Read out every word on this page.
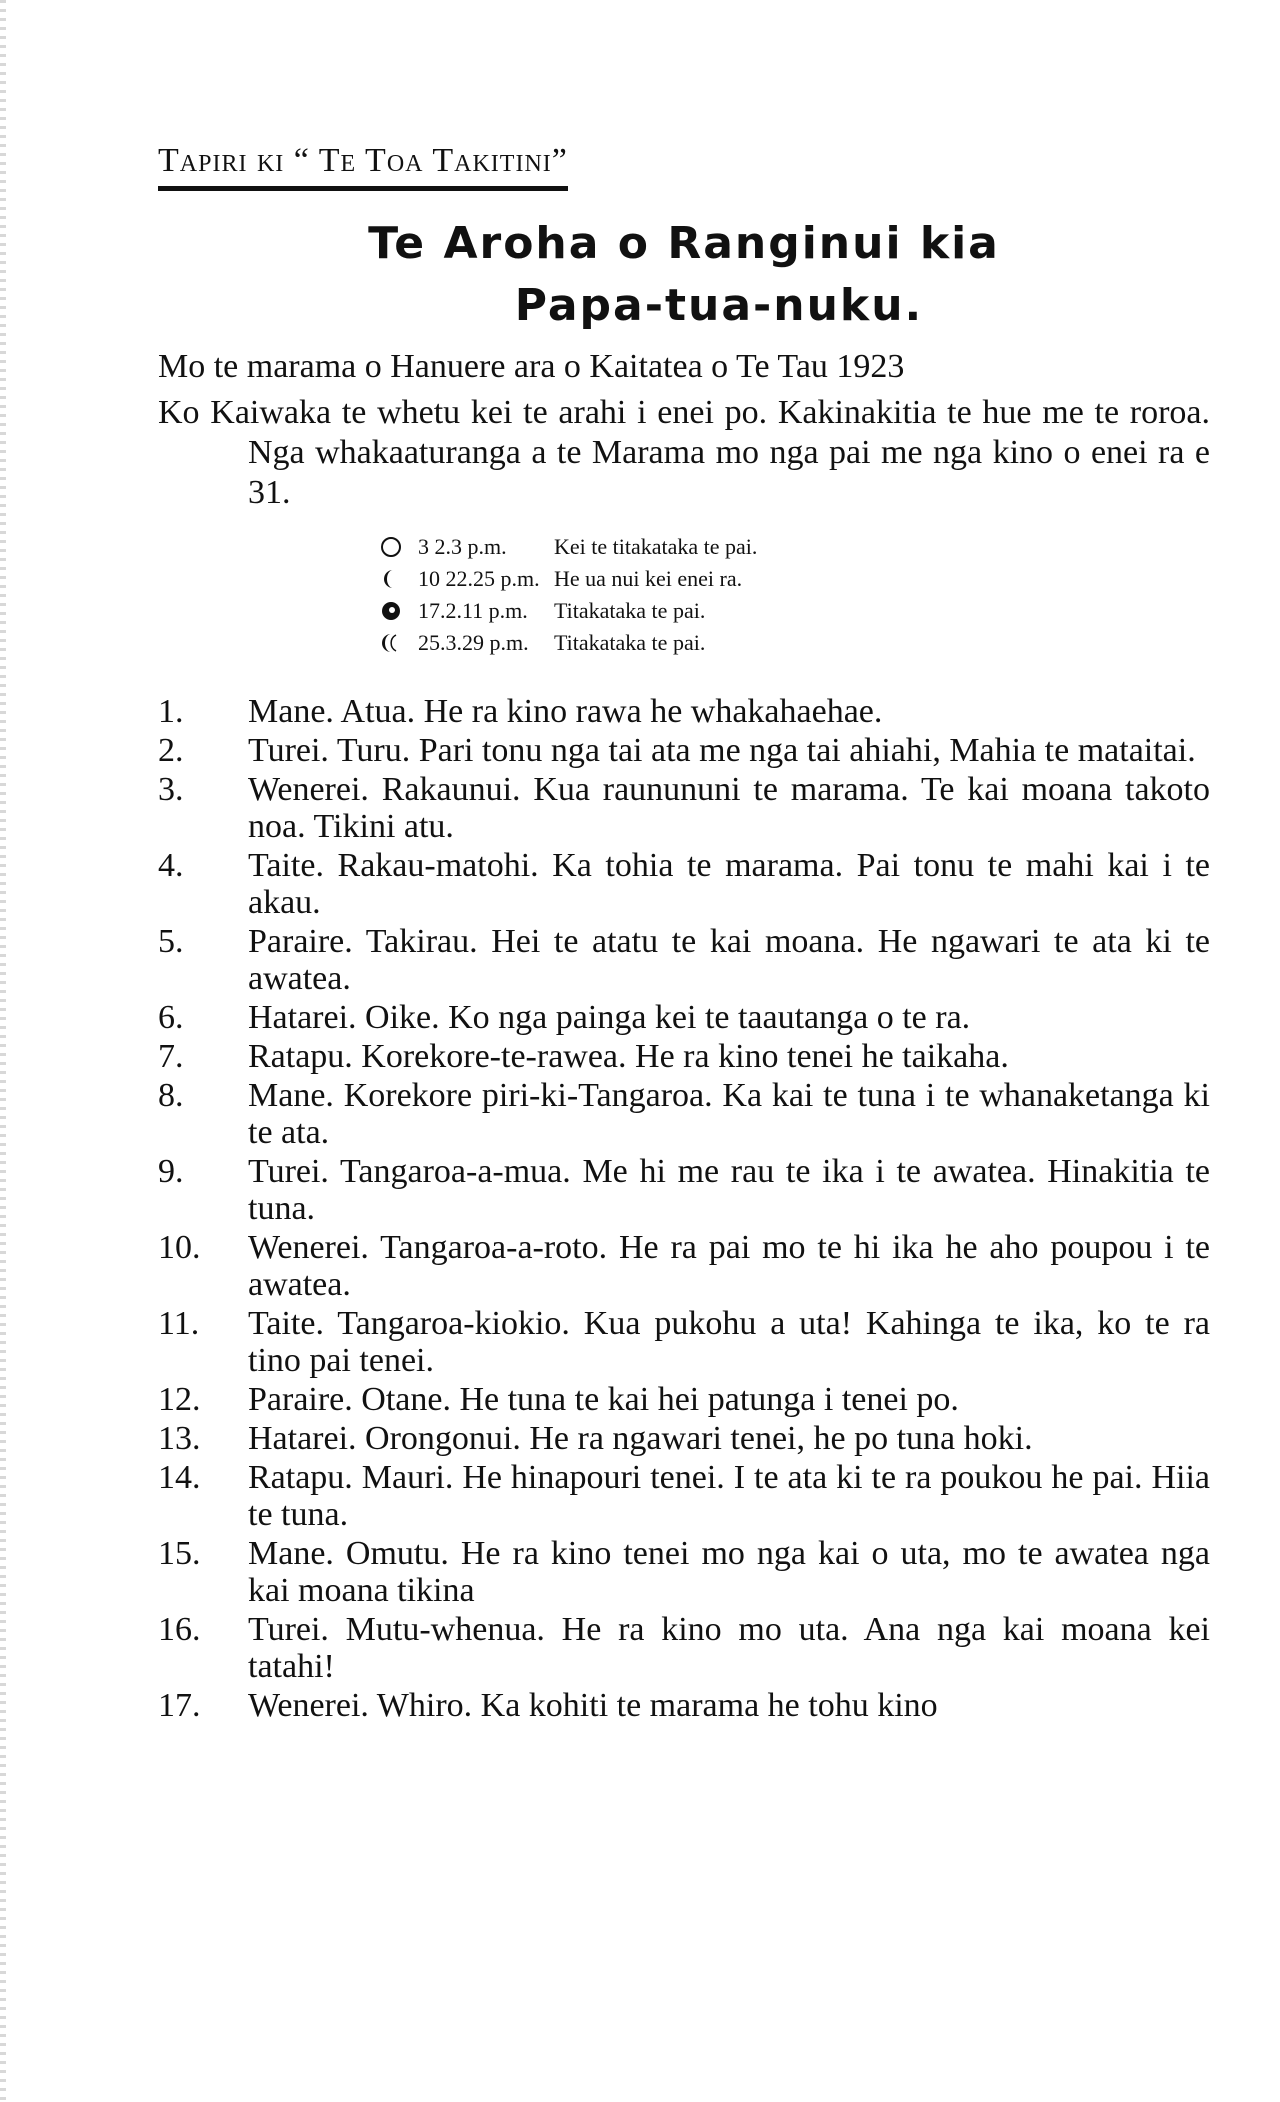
Tapiri ki “ Te Toa Takitini”
Te Aroha o Ranginui kia
Papa-tua-nuku.

Mo te marama o Hanuere ara o Kaitatea o Te Tau 1923

Ko Kaiwaka te whetu kei te arahi i enei po. Kakinakitia te hue me te roroa. Nga whakaaturanga a te Marama mo nga pai me nga kino o enei ra e 31.

3 2.3 p.m.	Kei te titakataka te pai.
10 22.25 p.m. He ua nui kei enei ra.
17.2.11 p.m.	Titakataka te pai.
25.3.29 p.m.	Titakataka te pai.
1. Mane. Atua. He ra kino rawa he whakahaehae.
2. Turei. Turu. Pari tonu nga tai ata me nga tai ahiahi, Mahia te mataitai.
3. Wenerei. Rakaunui. Kua raunununi te marama. Te kai moana takoto noa. Tikini atu.
4. Taite. Rakau-matohi. Ka tohia te marama. Pai tonu te mahi kai i te akau.
5. Paraire. Takirau. Hei te atatu te kai moana. He ngawari te ata ki te awatea.
6. Hatarei. Oike. Ko nga painga kei te taautanga o te ra.
7. Ratapu. Korekore-te-rawea. He ra kino tenei he taikaha.
8. Mane. Korekore piri-ki-Tangaroa. Ka kai te tuna i te whanaketanga ki te ata.
9. Turei. Tangaroa-a-mua. Me hi me rau te ika i te awatea. Hinakitia te tuna.
10. Wenerei. Tangaroa-a-roto. He ra pai mo te hi ika he aho poupou i te awatea.
11. Taite. Tangaroa-kiokio. Kua pukohu a uta! Kahinga te ika, ko te ra tino pai tenei.
12. Paraire. Otane. He tuna te kai hei patunga i tenei po.
13. Hatarei. Orongonui. He ra ngawari tenei, he po tuna hoki.
14. Ratapu. Mauri. He hinapouri tenei. I te ata ki te ra poukou he pai. Hiia te tuna.
15. Mane. Omutu. He ra kino tenei mo nga kai o uta, mo te awatea nga kai moana tikina
16. Turei. Mutu-whenua. He ra kino mo uta. Ana nga kai moana kei tatahi!
17. Wenerei. Whiro. Ka kohiti te marama he tohu kino
